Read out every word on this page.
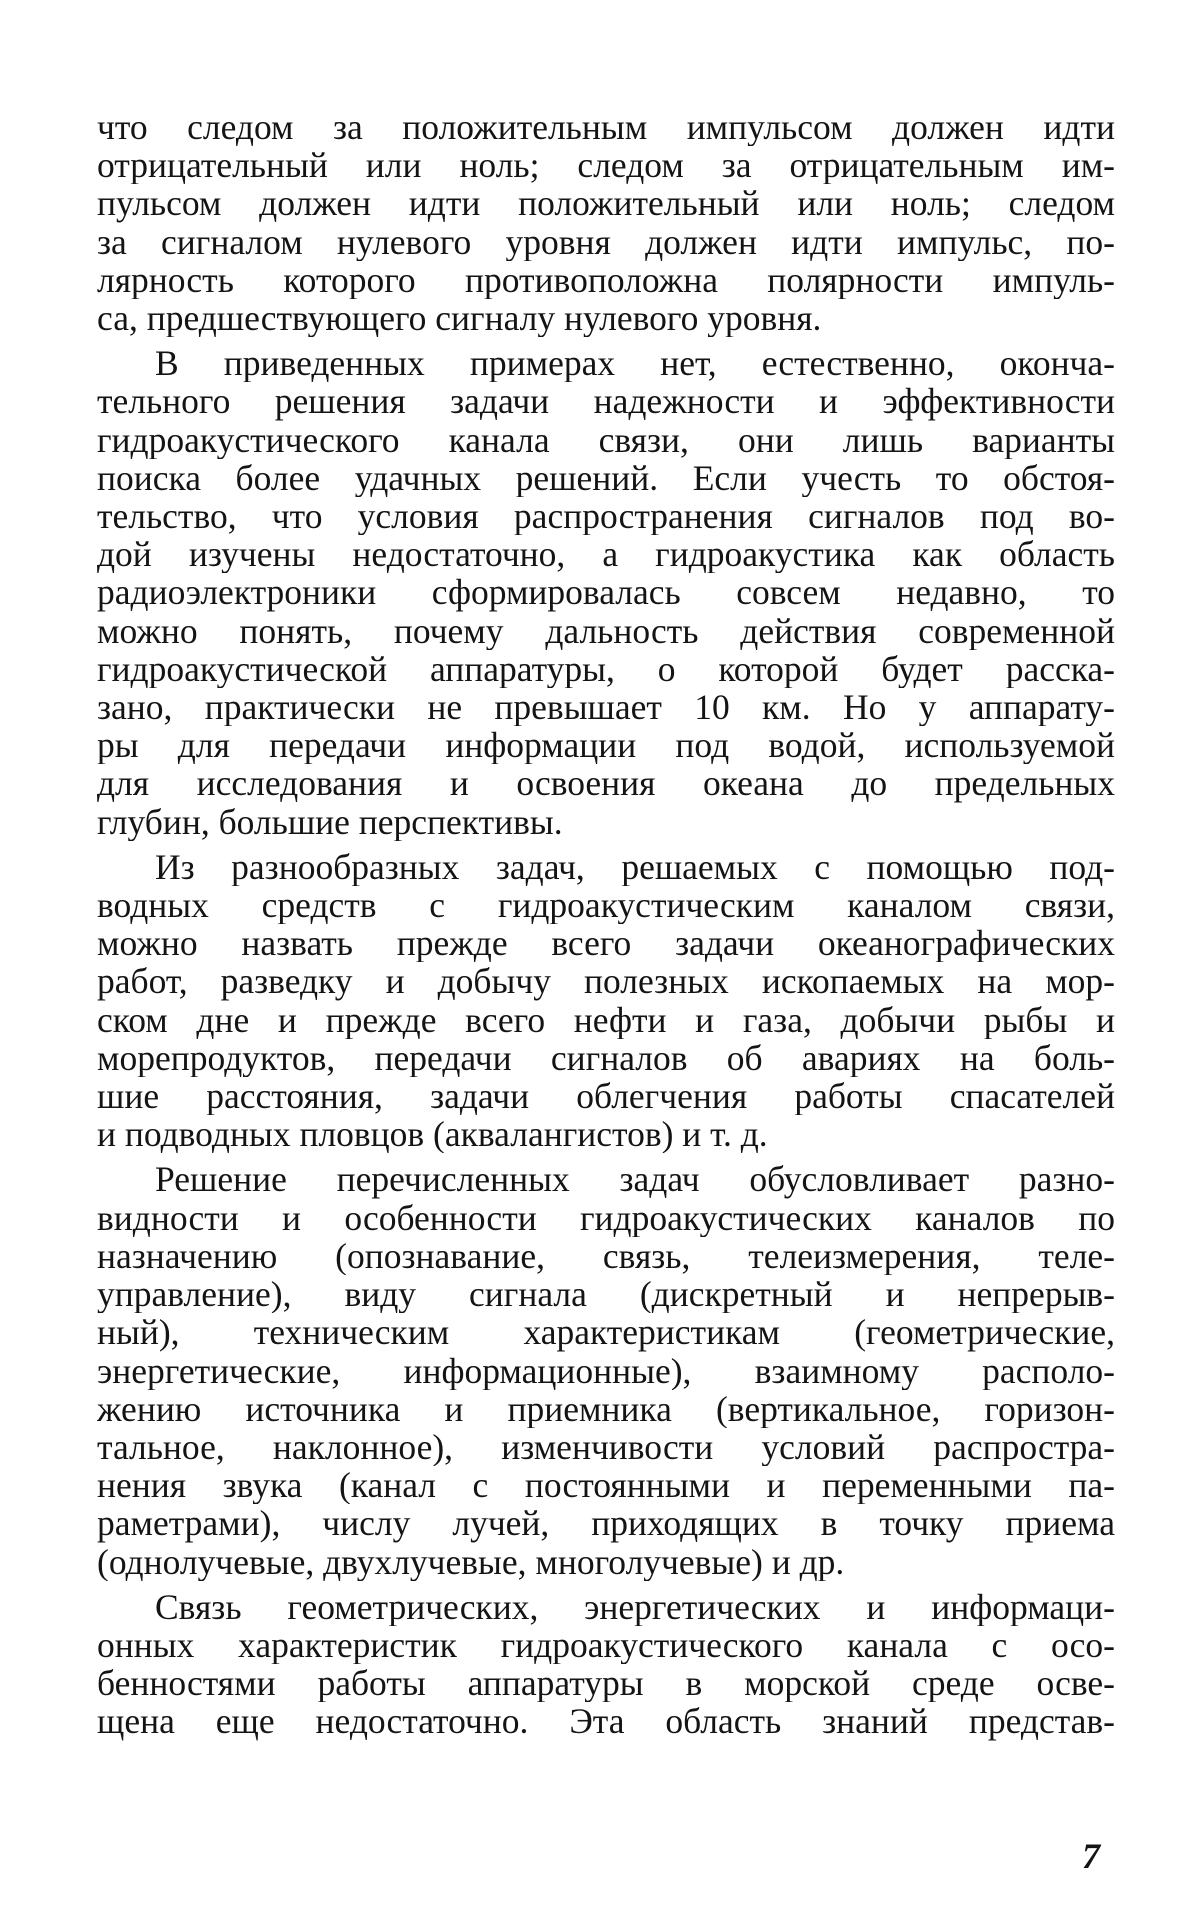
что следом за положительным импульсом должен идти
отрицательный или ноль; следом за отрицательным им-
пульсом должен идти положительный или ноль; следом
за сигналом нулевого уровня должен идти импульс, по-
лярность которого противоположна полярности импуль-
са, предшествующего сигналу нулевого уровня.
В приведенных примерах нет, естественно, оконча-
тельного решения задачи надежности и эффективности
гидроакустического канала связи, они лишь варианты
поиска более удачных решений. Если учесть то обстоя-
тельство, что условия распространения сигналов под во-
дой изучены недостаточно, а гидроакустика как область
радиоэлектроники сформировалась совсем недавно, то
можно понять, почему дальность действия современной
гидроакустической аппаратуры, о которой будет расска-
зано, практически не превышает 10 км. Но у аппарату-
ры для передачи информации под водой, используемой
для исследования и освоения океана до предельных
глубин, большие перспективы.
Из разнообразных задач, решаемых с помощью под-
водных средств с гидроакустическим каналом связи,
можно назвать прежде всего задачи океанографических
работ, разведку и добычу полезных ископаемых на мор-
ском дне и прежде всего нефти и газа, добычи рыбы и
морепродуктов, передачи сигналов об авариях на боль-
шие расстояния, задачи облегчения работы спасателей
и подводных пловцов (аквалангистов) и т. д.
Решение перечисленных задач обусловливает разно-
видности и особенности гидроакустических каналов по
назначению (опознавание, связь, телеизмерения, теле-
управление), виду сигнала (дискретный и непрерыв-
ный), техническим характеристикам (геометрические,
энергетические, информационные), взаимному располо-
жению источника и приемника (вертикальное, горизон-
тальное, наклонное), изменчивости условий распростра-
нения звука (канал с постоянными и переменными па-
раметрами), числу лучей, приходящих в точку приема
(однолучевые, двухлучевые, многолучевые) и др.
Связь геометрических, энергетических и информаци-
онных характеристик гидроакустического канала с осо-
бенностями работы аппаратуры в морской среде осве-
щена еще недостаточно. Эта область знаний представ-
7
